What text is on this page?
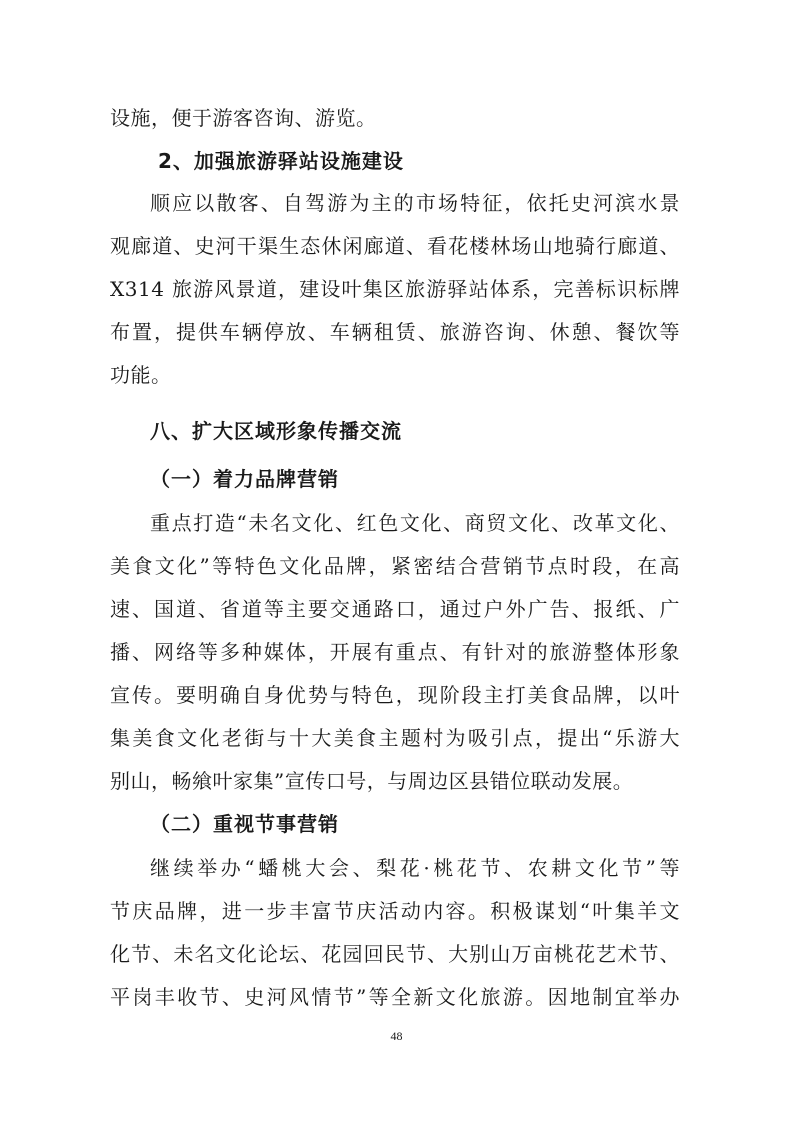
设施，便于游客咨询、游览。
2、加强旅游驿站设施建设
顺应以散客、自驾游为主的市场特征，依托史河滨水景
观廊道、史河干渠生态休闲廊道、看花楼林场山地骑行廊道、
X314 旅游风景道，建设叶集区旅游驿站体系，完善标识标牌
布置，提供车辆停放、车辆租赁、旅游咨询、休憩、餐饮等
功能。
八、扩大区域形象传播交流
（一）着力品牌营销
重点打造“未名文化、红色文化、商贸文化、改革文化、
美食文化”等特色文化品牌，紧密结合营销节点时段，在高
速、国道、省道等主要交通路口，通过户外广告、报纸、广
播、网络等多种媒体，开展有重点、有针对的旅游整体形象
宣传。要明确自身优势与特色，现阶段主打美食品牌，以叶
集美食文化老街与十大美食主题村为吸引点，提出“乐游大
别山，畅飨叶家集”宣传口号，与周边区县错位联动发展。
（二）重视节事营销
继续举办“蟠桃大会、梨花·桃花节、农耕文化节”等
节庆品牌，进一步丰富节庆活动内容。积极谋划“叶集羊文
化节、未名文化论坛、花园回民节、大别山万亩桃花艺术节、
平岗丰收节、史河风情节”等全新文化旅游。因地制宜举办
48
